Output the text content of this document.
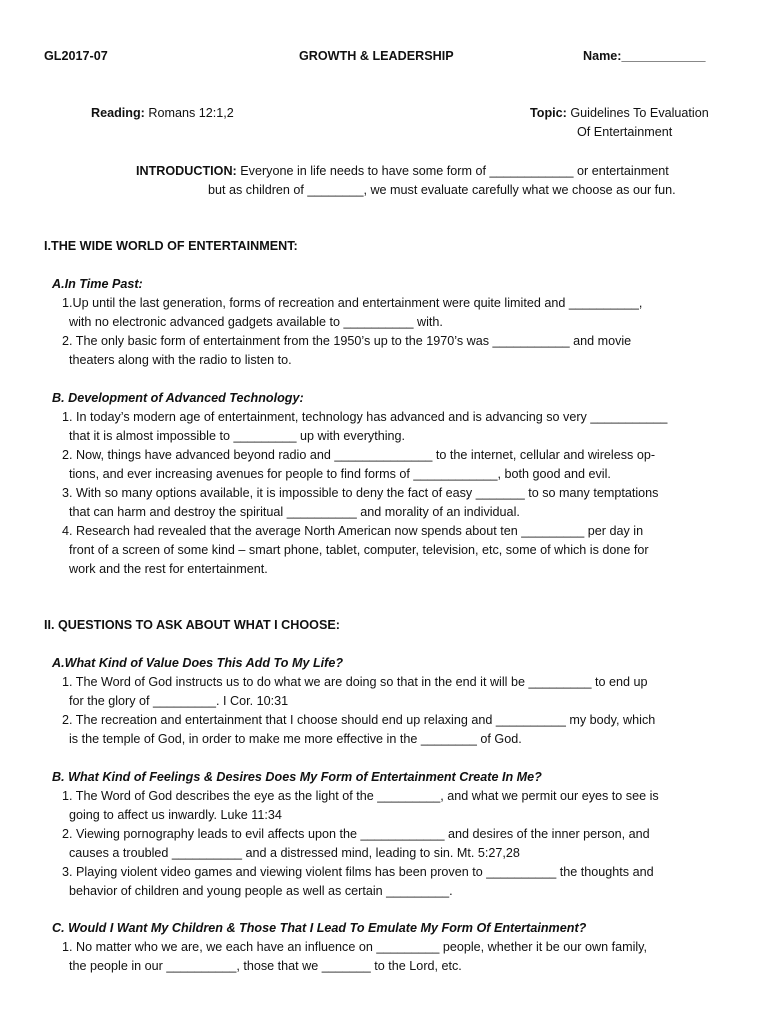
GL2017-07	GROWTH & LEADERSHIP	Name:____________
Reading: Romans 12:1,2	Topic: Guidelines To Evaluation
Of Entertainment
INTRODUCTION: Everyone in life needs to have some form of ____________ or entertainment
but as children of ________, we must evaluate carefully what we choose as our fun.
I.THE WIDE WORLD OF ENTERTAINMENT:
A.In Time Past:
1.Up until the last generation, forms of recreation and entertainment were quite limited and __________,
with no electronic advanced gadgets available to __________ with.
2. The only basic form of entertainment from the 1950’s up to the 1970’s was ___________ and movie
theaters along with the radio to listen to.
B. Development of Advanced Technology:
1. In today’s modern age of entertainment, technology has advanced and is advancing so very ___________
that it is almost impossible to _________ up with everything.
2. Now, things have advanced beyond radio and ______________ to the internet, cellular and wireless op-
tions, and ever increasing avenues for people to find forms of ____________, both good and evil.
3. With so many options available, it is impossible to deny the fact of easy _______ to so many temptations
that can harm and destroy the spiritual __________ and morality of an individual.
4. Research had revealed that the average North American now spends about ten _________ per day in
front of a screen of some kind – smart phone, tablet, computer, television, etc, some of which is done for
work and the rest for entertainment.
II. QUESTIONS TO ASK ABOUT WHAT I CHOOSE:
A.What Kind of Value Does This Add To My Life?
1. The Word of God instructs us to do what we are doing so that in the end it will be _________ to end up
for the glory of _________. I Cor. 10:31
2. The recreation and entertainment that I choose should end up relaxing and __________ my body, which
is the temple of God, in order to make me more effective in the ________ of God.
B. What Kind of Feelings & Desires Does My Form of Entertainment Create In Me?
1. The Word of God describes the eye as the light of the _________, and what we permit our eyes to see is
going to affect us inwardly. Luke 11:34
2. Viewing pornography leads to evil affects upon the ____________ and desires of the inner person, and
causes a troubled __________ and a distressed mind, leading to sin. Mt. 5:27,28
3. Playing violent video games and viewing violent films has been proven to __________ the thoughts and
behavior of children and young people as well as certain _________.
C. Would I Want My Children & Those That I Lead To Emulate My Form Of Entertainment?
1. No matter who we are, we each have an influence on _________ people, whether it be our own family,
the people in our __________, those that we _______ to the Lord, etc.
